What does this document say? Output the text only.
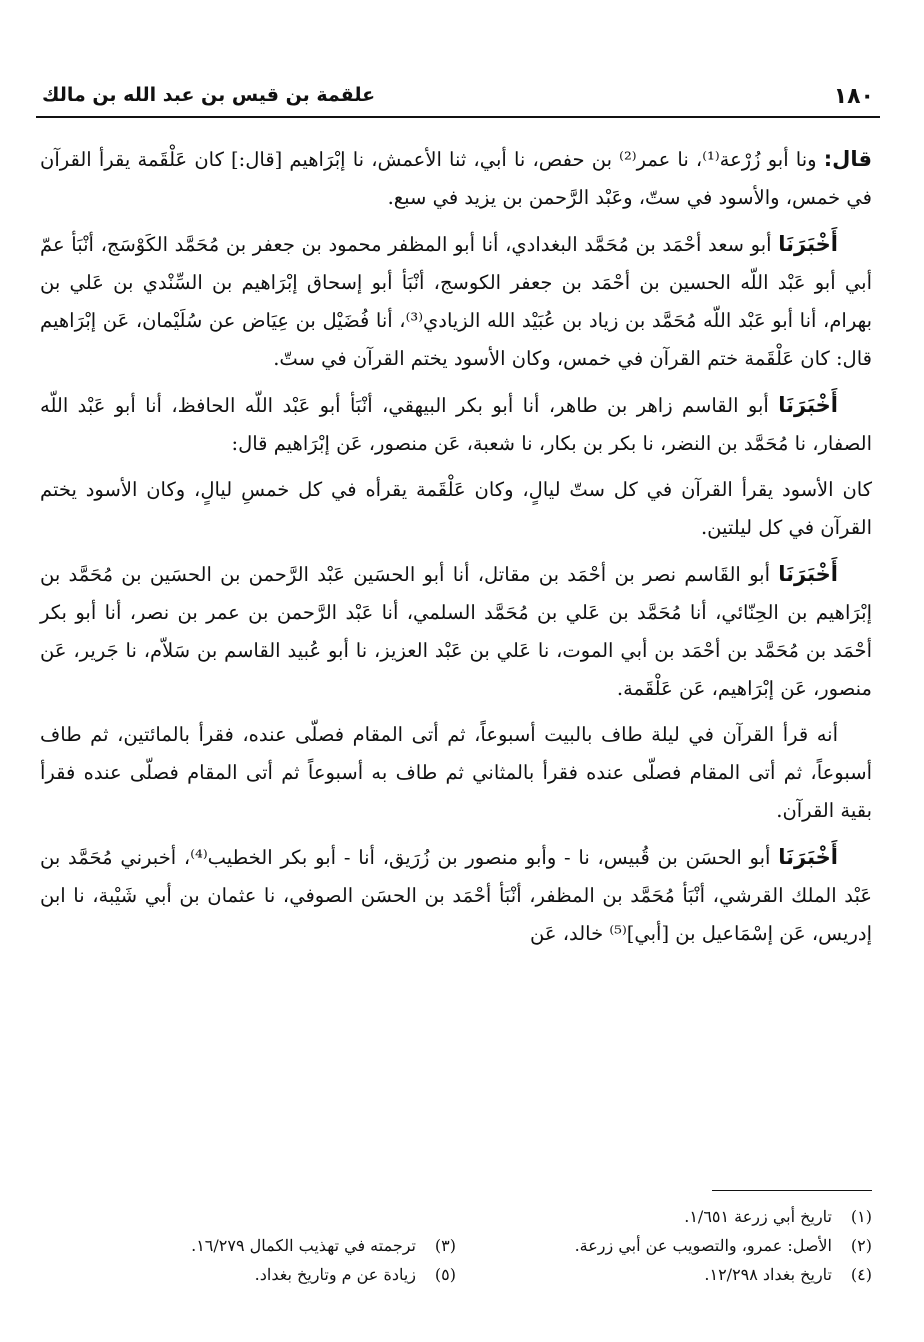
١٨٠
علقمة بن قيس بن عبد الله بن مالك

قال: ونا أبو زُرْعة⁽¹⁾، نا عمر⁽²⁾ بن حفص، نا أبي، ثنا الأعمش، نا إبْرَاهيم [قال:] كان عَلْقَمة يقرأ القرآن في خمس، والأسود في ستّ، وعَبْد الرَّحمن بن يزيد في سبع.

أَخْبَرَنَا أبو سعد أحْمَد بن مُحَمَّد البغدادي، أنا أبو المظفر محمود بن جعفر بن مُحَمَّد الكَوْسَج، أنْبَأ عمّ أبي أبو عَبْد اللّه الحسين بن أحْمَد بن جعفر الكوسج، أنْبَأ أبو إسحاق إبْرَاهيم بن السِّنْدي بن عَلي بن بهرام، أنا أبو عَبْد اللّه مُحَمَّد بن زياد بن عُبَيْد الله الزيادي⁽³⁾، أنا فُضَيْل بن عِيَاض عن سُلَيْمان، عَن إبْرَاهيم قال: كان عَلْقَمة ختم القرآن في خمس، وكان الأسود يختم القرآن في ستّ.

أَخْبَرَنَا أبو القاسم زاهر بن طاهر، أنا أبو بكر البيهقي، أنْبَأ أبو عَبْد اللّه الحافظ، أنا أبو عَبْد اللّه الصفار، نا مُحَمَّد بن النضر، نا بكر بن بكار، نا شعبة، عَن منصور، عَن إبْرَاهيم قال:

كان الأسود يقرأ القرآن في كل ستّ ليالٍ، وكان عَلْقَمة يقرأه في كل خمسِ ليالٍ، وكان الأسود يختم القرآن في كل ليلتين.

أَخْبَرَنَا أبو القَاسم نصر بن أحْمَد بن مقاتل، أنا أبو الحسَين عَبْد الرَّحمن بن الحسَين بن مُحَمَّد بن إبْرَاهيم بن الحِنّائي، أنا مُحَمَّد بن عَلي بن مُحَمَّد السلمي، أنا عَبْد الرَّحمن بن عمر بن نصر، أنا أبو بكر أحْمَد بن مُحَمَّد بن أحْمَد بن أبي الموت، نا عَلي بن عَبْد العزيز، نا أبو عُبيد القاسم بن سَلاّم، نا جَرير، عَن منصور، عَن إبْرَاهيم، عَن عَلْقَمة.

أنه قرأ القرآن في ليلة طاف بالبيت أسبوعاً، ثم أتى المقام فصلّى عنده، فقرأ بالمائتين، ثم طاف أسبوعاً، ثم أتى المقام فصلّى عنده فقرأ بالمثاني ثم طاف به أسبوعاً ثم أتى المقام فصلّى عنده فقرأ بقية القرآن.

أَخْبَرَنَا أبو الحسَن بن قُبيس، نا - وأبو منصور بن زُرَيق، أنا - أبو بكر الخطيب⁽⁴⁾، أخبرني مُحَمَّد بن عَبْد الملك القرشي، أنْبَأ مُحَمَّد بن المظفر، أنْبَأ أحْمَد بن الحسَن الصوفي، نا عثمان بن أبي شَيْبة، نا ابن إدريس، عَن إسْمَاعيل بن [أبي]⁽⁵⁾ خالد، عَن

(١)تاريخ أبي زرعة ١/٦٥١.
(٢)الأصل: عمرو، والتصويب عن أبي زرعة.
(٣)ترجمته في تهذيب الكمال ١٦/٢٧٩.
(٤)تاريخ بغداد ١٢/٢٩٨.
(٥)زيادة عن م وتاريخ بغداد.
